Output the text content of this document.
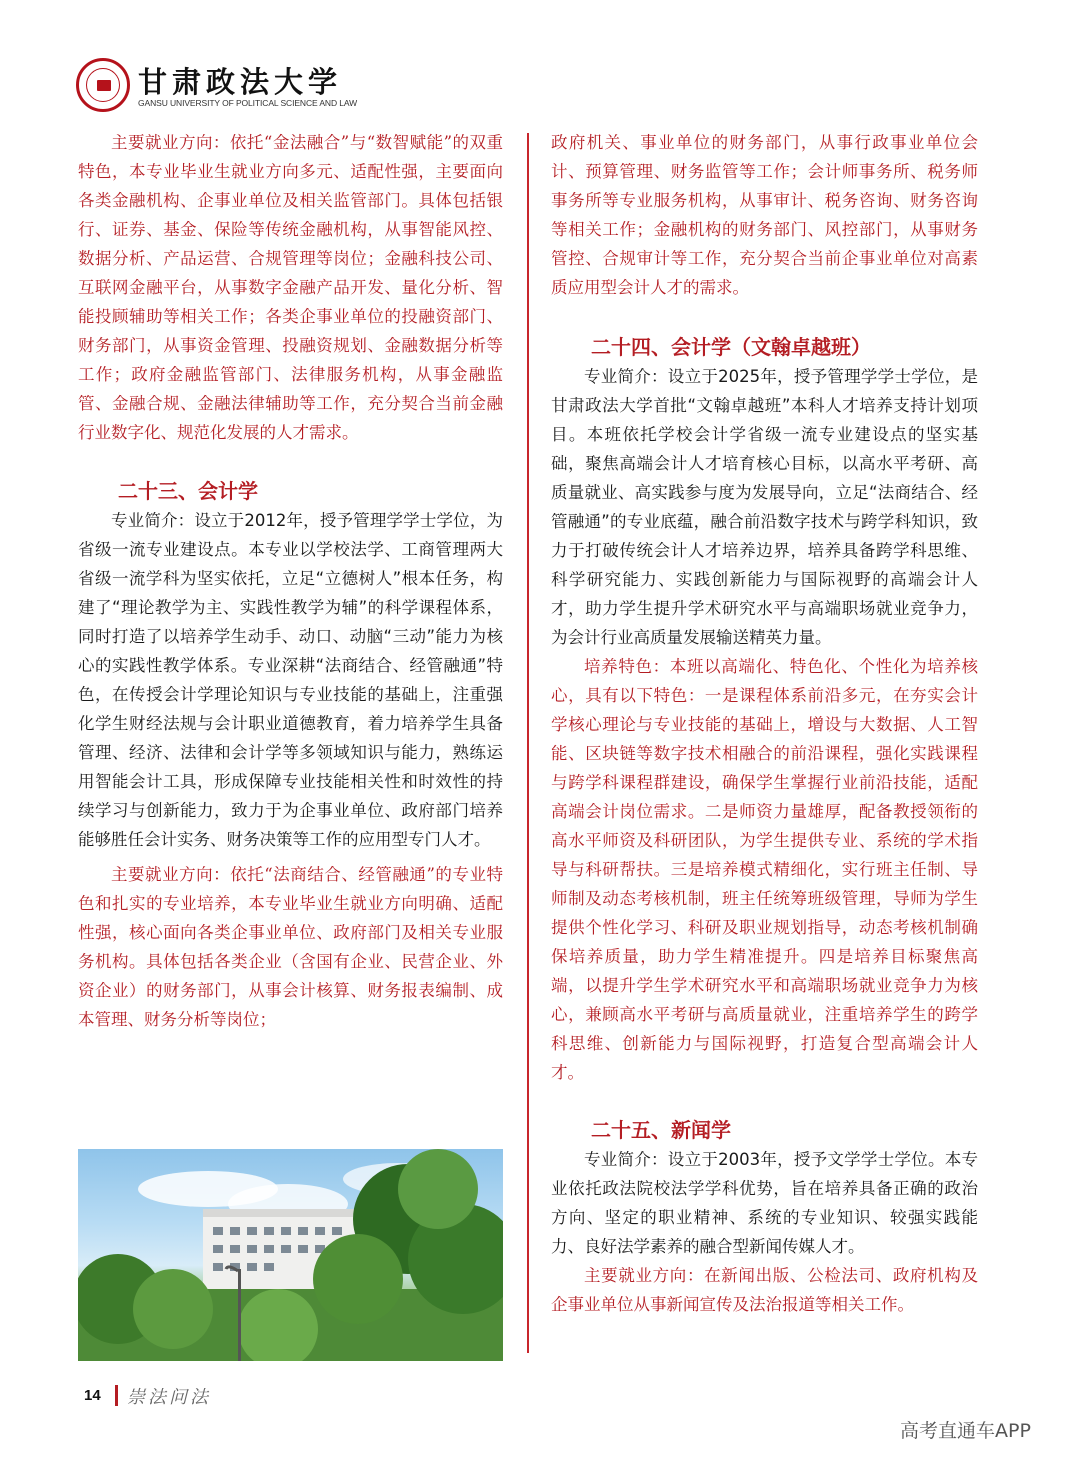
甘肃政法大学
GANSU UNIVERSITY OF POLITICAL SCIENCE AND LAW

主要就业方向：依托“金法融合”与“数智赋能”的双重特色，本专业毕业生就业方向多元、适配性强，主要面向各类金融机构、企事业单位及相关监管部门。具体包括银行、证券、基金、保险等传统金融机构，从事智能风控、数据分析、产品运营、合规管理等岗位；金融科技公司、互联网金融平台，从事数字金融产品开发、量化分析、智能投顾辅助等相关工作；各类企事业单位的投融资部门、财务部门，从事资金管理、投融资规划、金融数据分析等工作；政府金融监管部门、法律服务机构，从事金融监管、金融合规、金融法律辅助等工作，充分契合当前金融行业数字化、规范化发展的人才需求。

二十三、会计学

专业简介：设立于2012年，授予管理学学士学位，为省级一流专业建设点。本专业以学校法学、工商管理两大省级一流学科为坚实依托，立足“立德树人”根本任务，构建了“理论教学为主、实践性教学为辅”的科学课程体系，同时打造了以培养学生动手、动口、动脑“三动”能力为核心的实践性教学体系。专业深耕“法商结合、经管融通”特色，在传授会计学理论知识与专业技能的基础上，注重强化学生财经法规与会计职业道德教育，着力培养学生具备管理、经济、法律和会计学等多领域知识与能力，熟练运用智能会计工具，形成保障专业技能相关性和时效性的持续学习与创新能力，致力于为企事业单位、政府部门培养能够胜任会计实务、财务决策等工作的应用型专门人才。

主要就业方向：依托“法商结合、经管融通”的专业特色和扎实的专业培养，本专业毕业生就业方向明确、适配性强，核心面向各类企事业单位、政府部门及相关专业服务机构。具体包括各类企业（含国有企业、民营企业、外资企业）的财务部门，从事会计核算、财务报表编制、成本管理、财务分析等岗位；

政府机关、事业单位的财务部门，从事行政事业单位会计、预算管理、财务监管等工作；会计师事务所、税务师事务所等专业服务机构，从事审计、税务咨询、财务咨询等相关工作；金融机构的财务部门、风控部门，从事财务管控、合规审计等工作，充分契合当前企事业单位对高素质应用型会计人才的需求。

二十四、会计学（文翰卓越班）

专业简介：设立于2025年，授予管理学学士学位，是甘肃政法大学首批“文翰卓越班”本科人才培养支持计划项目。本班依托学校会计学省级一流专业建设点的坚实基础，聚焦高端会计人才培育核心目标，以高水平考研、高质量就业、高实践参与度为发展导向，立足“法商结合、经管融通”的专业底蕴，融合前沿数字技术与跨学科知识，致力于打破传统会计人才培养边界，培养具备跨学科思维、科学研究能力、实践创新能力与国际视野的高端会计人才，助力学生提升学术研究水平与高端职场就业竞争力，为会计行业高质量发展输送精英力量。

培养特色：本班以高端化、特色化、个性化为培养核心，具有以下特色：一是课程体系前沿多元，在夯实会计学核心理论与专业技能的基础上，增设与大数据、人工智能、区块链等数字技术相融合的前沿课程，强化实践课程与跨学科课程群建设，确保学生掌握行业前沿技能，适配高端会计岗位需求。二是师资力量雄厚，配备教授领衔的高水平师资及科研团队，为学生提供专业、系统的学术指导与科研帮扶。三是培养模式精细化，实行班主任制、导师制及动态考核机制，班主任统筹班级管理，导师为学生提供个性化学习、科研及职业规划指导，动态考核机制确保培养质量，助力学生精准提升。四是培养目标聚焦高端，以提升学生学术研究水平和高端职场就业竞争力为核心，兼顾高水平考研与高质量就业，注重培养学生的跨学科思维、创新能力与国际视野，打造复合型高端会计人才。

二十五、新闻学

专业简介：设立于2003年，授予文学学士学位。本专业依托政法院校法学学科优势，旨在培养具备正确的政治方向、坚定的职业精神、系统的专业知识、较强实践能力、良好法学素养的融合型新闻传媒人才。

主要就业方向：在新闻出版、公检法司、政府机构及企事业单位从事新闻宣传及法治报道等相关工作。

14 崇法问法
高考直通车APP
